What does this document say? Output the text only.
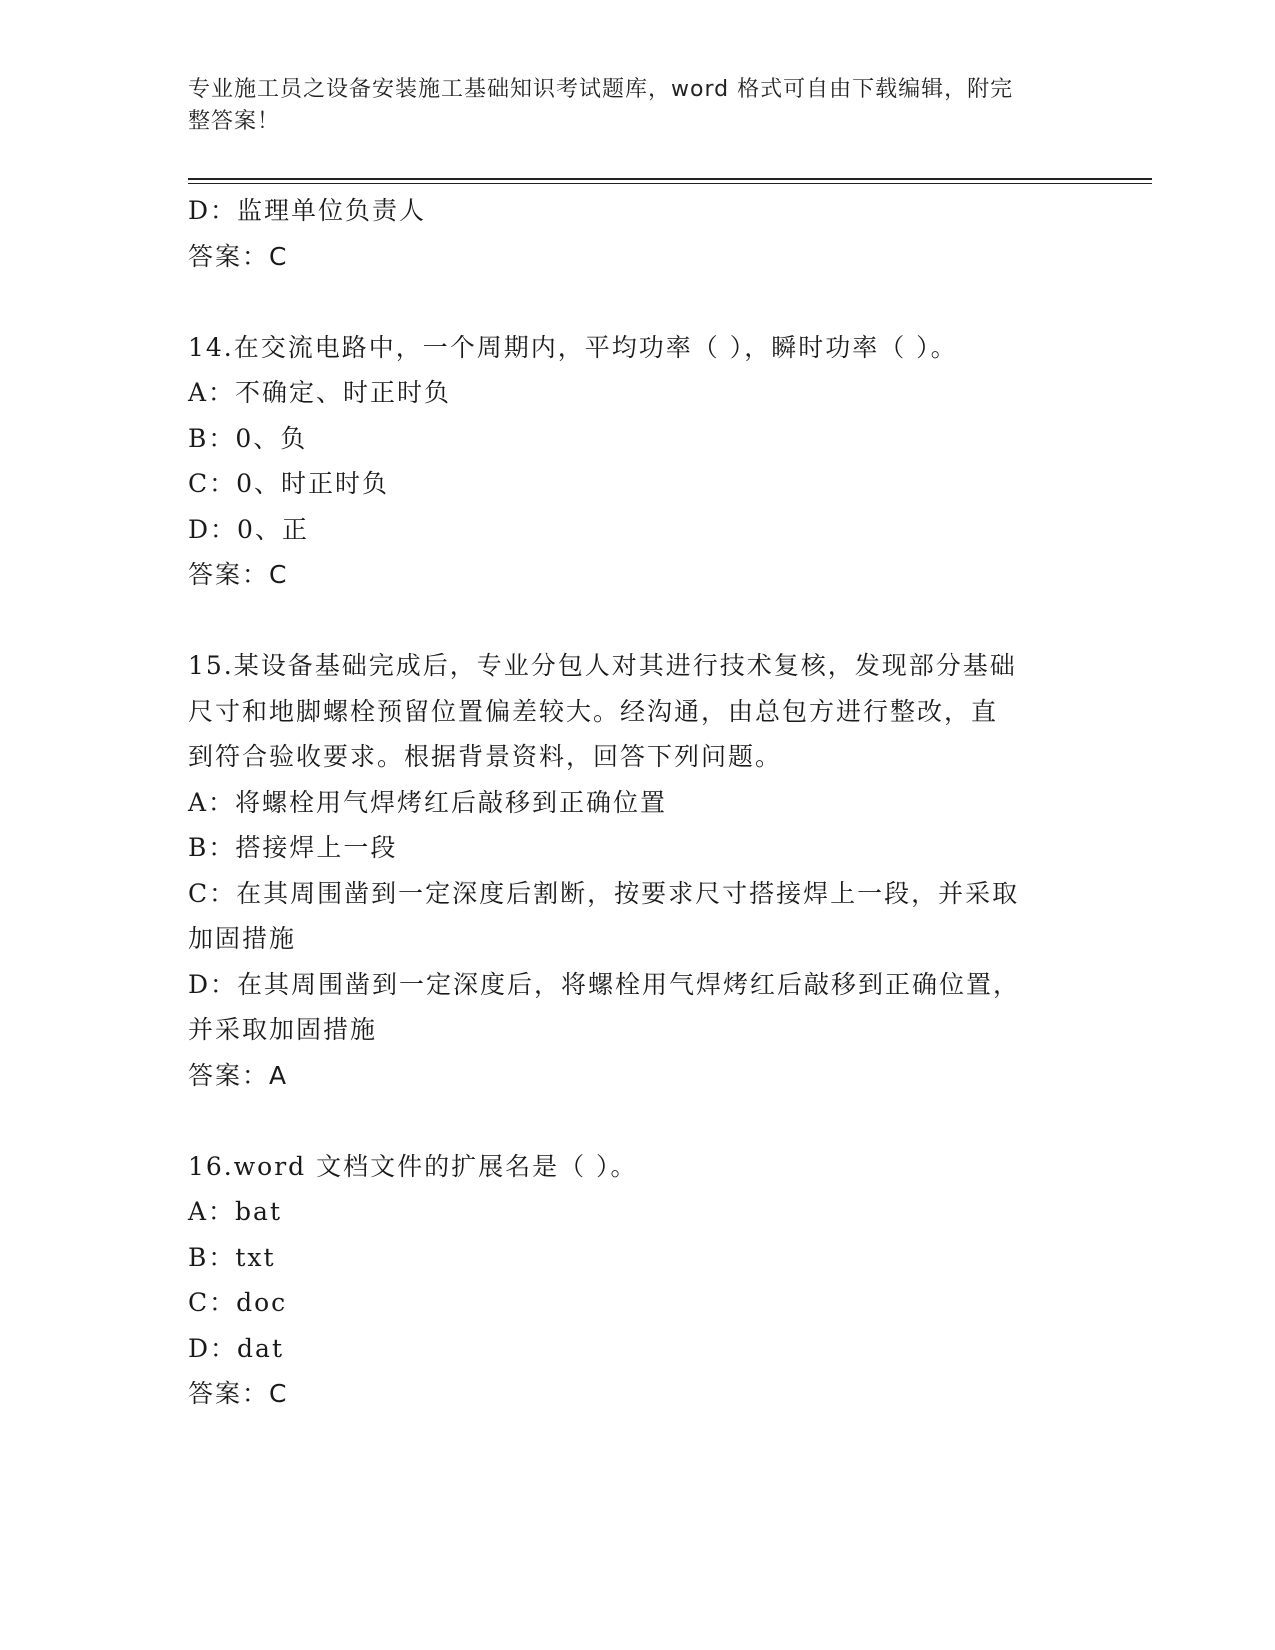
专业施工员之设备安装施工基础知识考试题库，word 格式可自由下载编辑，附完
整答案！
D：监理单位负责人
答案：C
14.在交流电路中，一个周期内，平均功率（ ），瞬时功率（ ）。
A：不确定、时正时负
B：0、负
C：0、时正时负
D：0、正
答案：C
15.某设备基础完成后，专业分包人对其进行技术复核，发现部分基础
尺寸和地脚螺栓预留位置偏差较大。经沟通，由总包方进行整改，直
到符合验收要求。根据背景资料，回答下列问题。
A：将螺栓用气焊烤红后敲移到正确位置
B：搭接焊上一段
C：在其周围凿到一定深度后割断，按要求尺寸搭接焊上一段，并采取
加固措施
D：在其周围凿到一定深度后，将螺栓用气焊烤红后敲移到正确位置，
并采取加固措施
答案：A
16.word 文档文件的扩展名是（ ）。
A：bat
B：txt
C：doc
D：dat
答案：C
